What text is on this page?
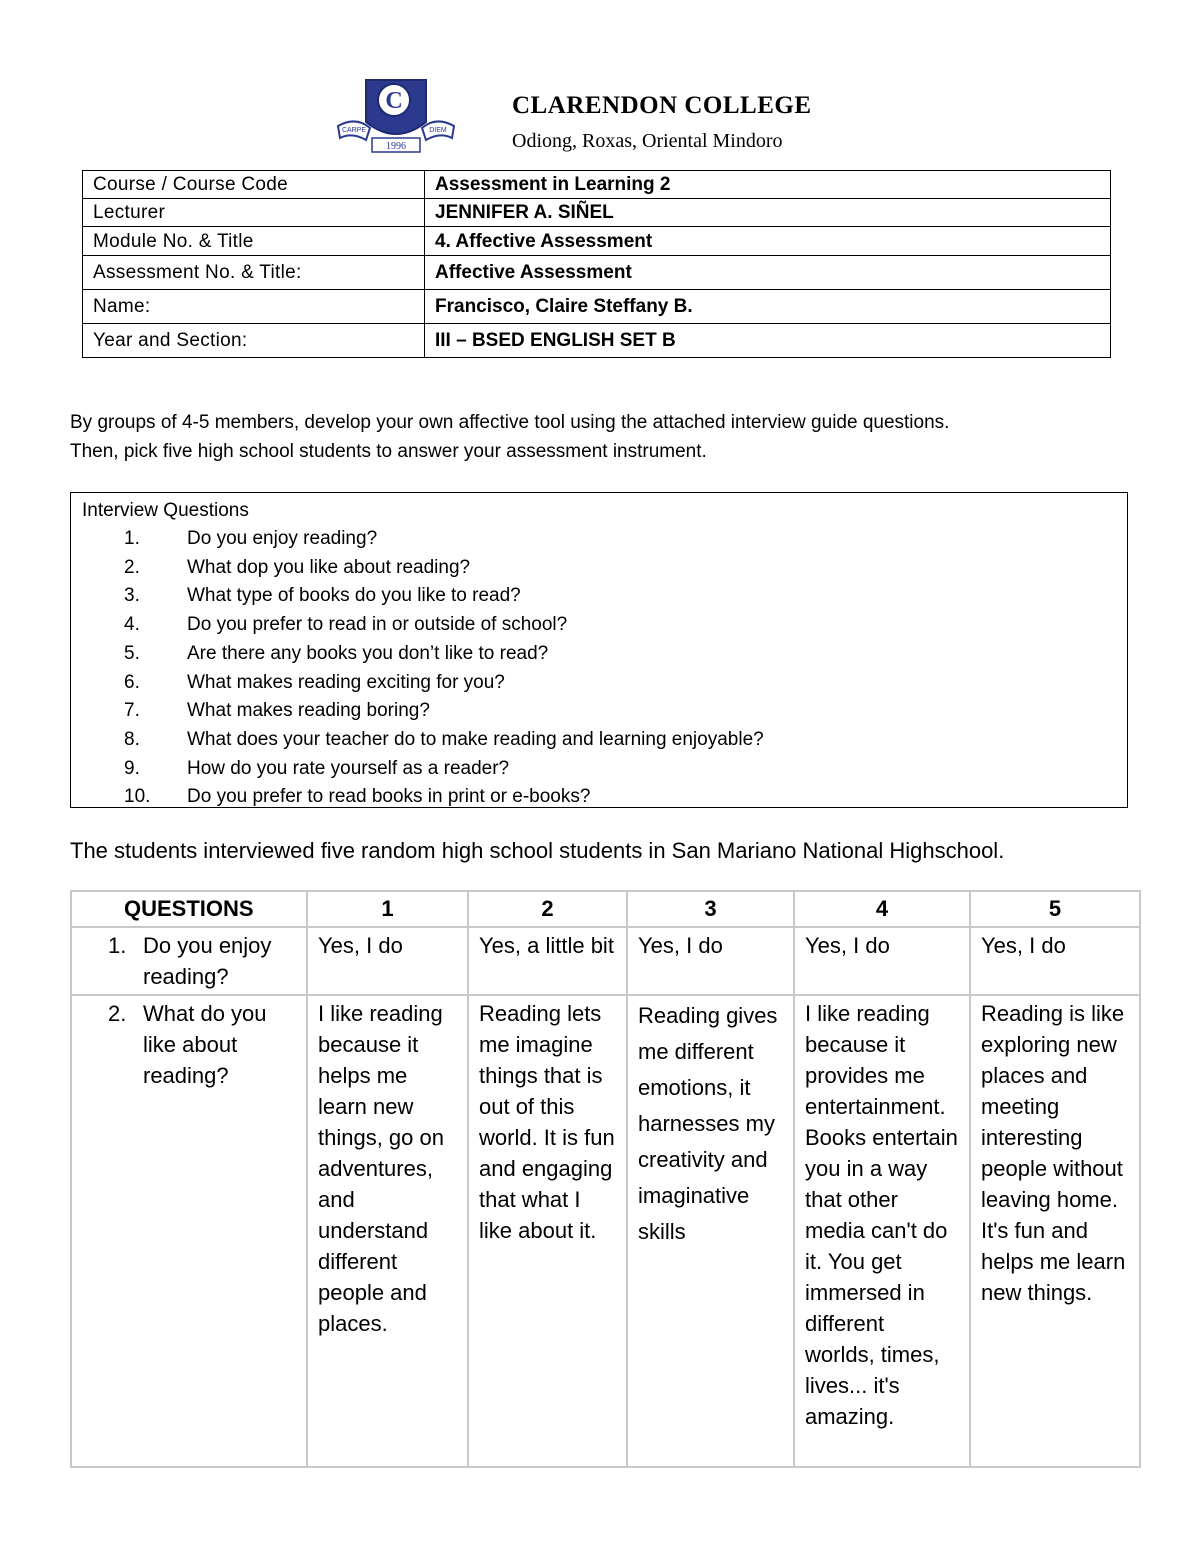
C
CARPE	DIEM
1996
CLARENDON COLLEGE
Odiong, Roxas, Oriental Mindoro
Course / Course Code	Assessment in Learning 2
Lecturer	JENNIFER A. SIÑEL
Module No. & Title	4. Affective Assessment
Assessment No. & Title:	Affective Assessment
Name:	Francisco, Claire Steffany B.
Year and Section:	III – BSED ENGLISH SET B
By groups of 4-5 members, develop your own affective tool using the attached interview guide questions.
Then, pick five high school students to answer your assessment instrument.
Interview Questions
1.	Do you enjoy reading?
2.	What dop you like about reading?
3.	What type of books do you like to read?
4.	Do you prefer to read in or outside of school?
5.	Are there any books you don’t like to read?
6.	What makes reading exciting for you?
7.	What makes reading boring?
8.	What does your teacher do to make reading and learning enjoyable?
9.	How do you rate yourself as a reader?
10.	Do you prefer to read books in print or e-books?
The students interviewed five random high school students in San Mariano National Highschool.
QUESTIONS	1	2	3	4	5

1. Do you enjoy reading?	Yes, I do	Yes, a little bit	Yes, I do	Yes, I do	Yes, I do

2. What do you like about reading?	I like reading because it helps me learn new things, go on adventures, and understand different people and places.	Reading lets me imagine things that is out of this world. It is fun and engaging that what I like about it.	Reading gives me different emotions, it harnesses my creativity and imaginative skills	I like reading because it provides me entertainment. Books entertain you in a way that other media can't do it. You get immersed in different worlds, times, lives... it's amazing.	Reading is like exploring new places and meeting interesting people without leaving home. It's fun and helps me learn new things.
